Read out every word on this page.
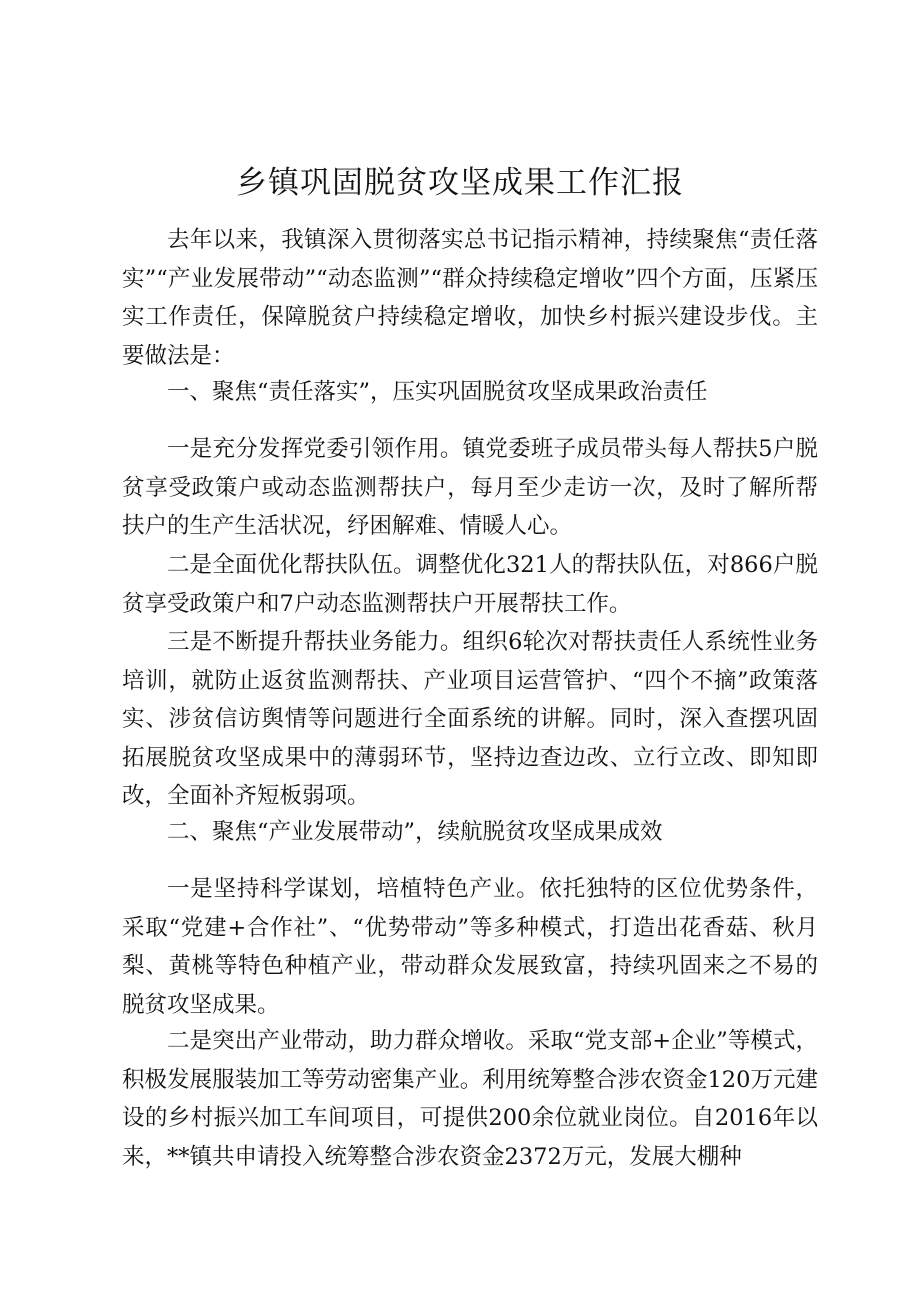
乡镇巩固脱贫攻坚成果工作汇报

去年以来，我镇深入贯彻落实总书记指示精神，持续聚焦“责任落实”“产业发展带动”“动态监测”“群众持续稳定增收”四个方面，压紧压实工作责任，保障脱贫户持续稳定增收，加快乡村振兴建设步伐。主要做法是：

一、聚焦“责任落实”，压实巩固脱贫攻坚成果政治责任

一是充分发挥党委引领作用。镇党委班子成员带头每人帮扶5户脱贫享受政策户或动态监测帮扶户，每月至少走访一次，及时了解所帮扶户的生产生活状况，纾困解难、情暖人心。

二是全面优化帮扶队伍。调整优化321人的帮扶队伍，对866户脱贫享受政策户和7户动态监测帮扶户开展帮扶工作。

三是不断提升帮扶业务能力。组织6轮次对帮扶责任人系统性业务培训，就防止返贫监测帮扶、产业项目运营管护、“四个不摘”政策落实、涉贫信访舆情等问题进行全面系统的讲解。同时，深入查摆巩固拓展脱贫攻坚成果中的薄弱环节，坚持边查边改、立行立改、即知即改，全面补齐短板弱项。

二、聚焦“产业发展带动”，续航脱贫攻坚成果成效

一是坚持科学谋划，培植特色产业。依托独特的区位优势条件，采取“党建+合作社”、“优势带动”等多种模式，打造出花香菇、秋月梨、黄桃等特色种植产业，带动群众发展致富，持续巩固来之不易的脱贫攻坚成果。

二是突出产业带动，助力群众增收。采取“党支部+企业”等模式，积极发展服装加工等劳动密集产业。利用统筹整合涉农资金120万元建设的乡村振兴加工车间项目，可提供200余位就业岗位。自2016年以来，**镇共申请投入统筹整合涉农资金2372万元，发展大棚种
